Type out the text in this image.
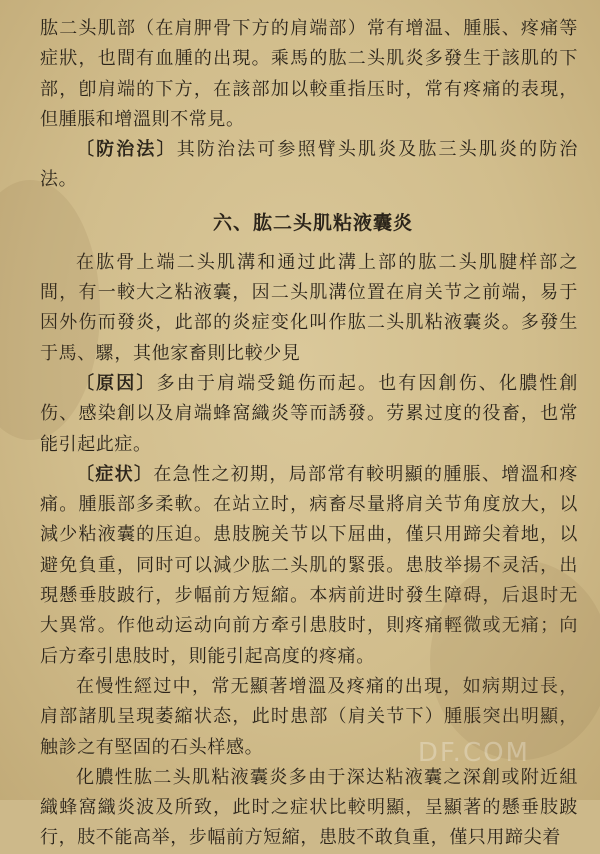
肱二头肌部（在肩胛骨下方的肩端部）常有增温、腫脹、疼痛等症狀，也間有血腫的出現。乘馬的肱二头肌炎多發生于該肌的下部，卽肩端的下方，在該部加以較重指压时，常有疼痛的表現，但腫脹和增溫則不常見。

〔防治法〕其防治法可参照臂头肌炎及肱三头肌炎的防治法。

六、肱二头肌粘液囊炎

在肱骨上端二头肌溝和通过此溝上部的肱二头肌腱样部之間，有一較大之粘液囊，因二头肌溝位置在肩关节之前端，易于因外伤而發炎，此部的炎症变化叫作肱二头肌粘液囊炎。多發生于馬、騾，其他家畜則比較少見

〔原因〕多由于肩端受鎚伤而起。也有因創伤、化膿性創伤、感染創以及肩端蜂窩織炎等而誘發。劳累过度的役畜，也常能引起此症。

〔症状〕在急性之初期，局部常有較明顯的腫脹、增溫和疼痛。腫脹部多柔軟。在站立时，病畜尽量將肩关节角度放大，以減少粘液囊的压迫。患肢腕关节以下屈曲，僅只用蹄尖着地，以避免負重，同时可以減少肱二头肌的緊張。患肢举揚不灵活，出現懸垂肢跛行，步幅前方短縮。本病前进时發生障碍，后退时无大異常。作他动运动向前方牽引患肢时，則疼痛輕微或无痛；向后方牽引患肢时，則能引起高度的疼痛。

在慢性經过中，常无顯著增溫及疼痛的出現，如病期过長，肩部諸肌呈現萎縮状态，此时患部（肩关节下）腫脹突出明顯，触診之有堅固的石头样感。

化膿性肱二头肌粘液囊炎多由于深达粘液囊之深創或附近組織蜂窩織炎波及所致，此时之症状比較明顯，呈顯著的懸垂肢跛行，肢不能高举，步幅前方短縮，患肢不敢負重，僅只用蹄尖着

DF.COM
